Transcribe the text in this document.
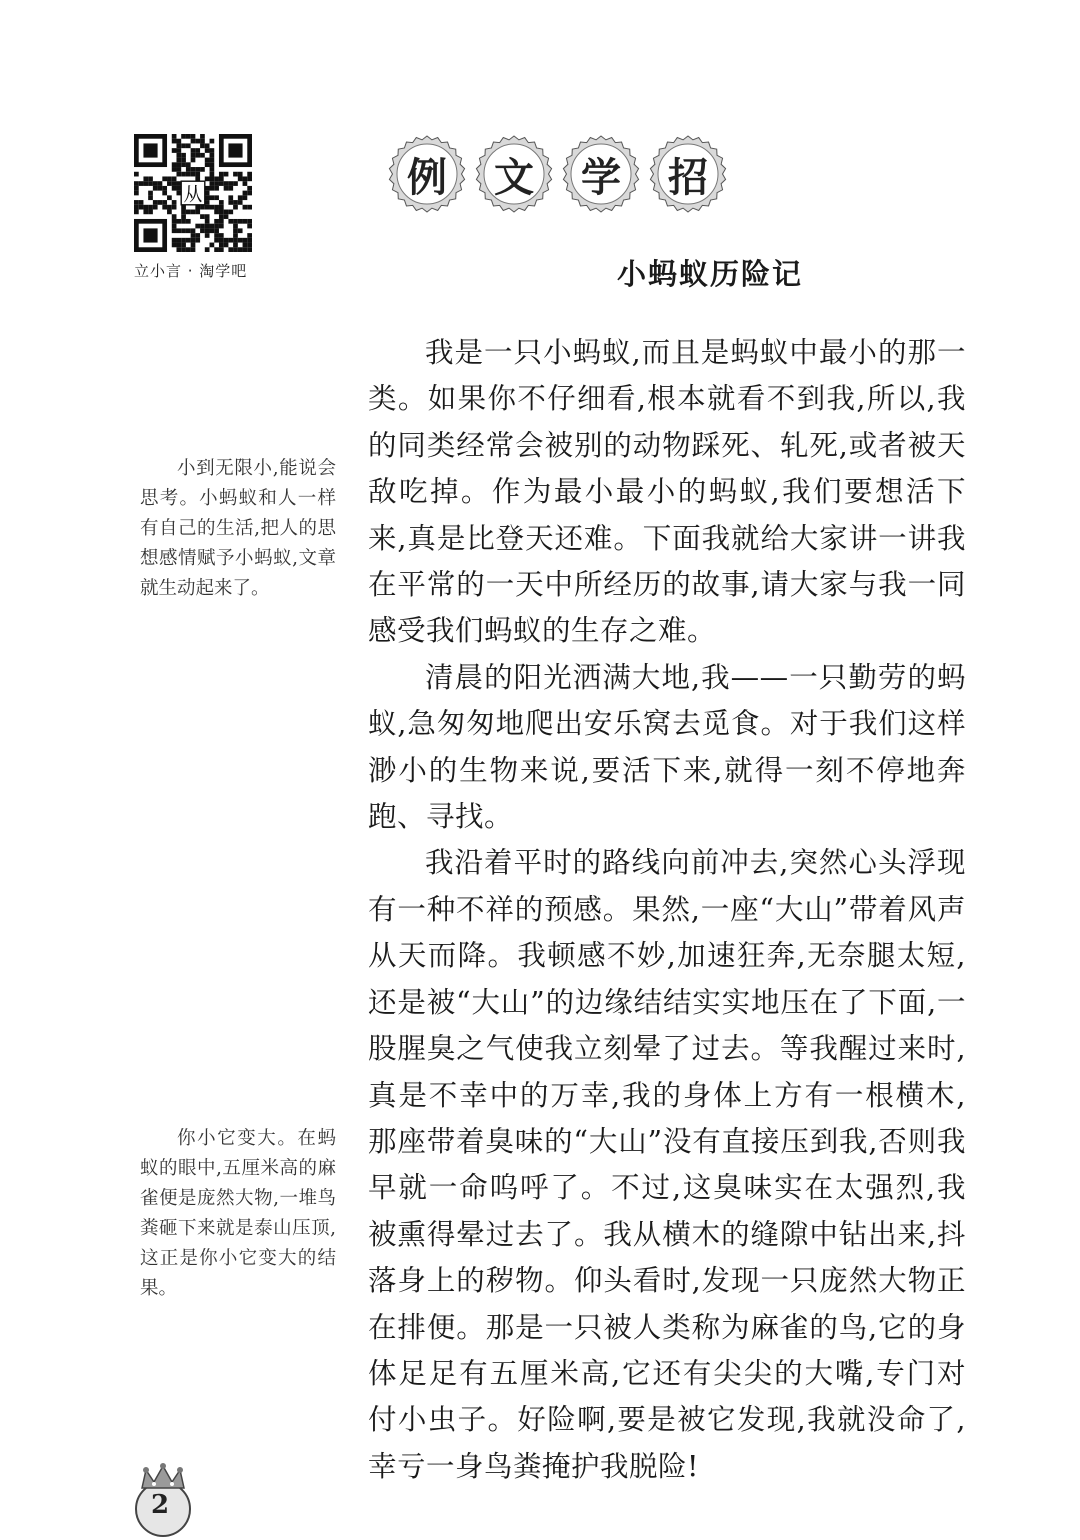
从
立小言 · 淘学吧
例	文	学	招
小蚂蚁历险记

我是一只小蚂蚁,而且是蚂蚁中最小的那一类。如果你不仔细看,根本就看不到我,所以,我的同类经常会被别的动物踩死、轧死,或者被天敌吃掉。作为最小最小的蚂蚁,我们要想活下来,真是比登天还难。下面我就给大家讲一讲我在平常的一天中所经历的故事,请大家与我一同感受我们蚂蚁的生存之难。

清晨的阳光洒满大地,我——一只勤劳的蚂蚁,急匆匆地爬出安乐窝去觅食。对于我们这样渺小的生物来说,要活下来,就得一刻不停地奔跑、寻找。

我沿着平时的路线向前冲去,突然心头浮现有一种不祥的预感。果然,一座“大山”带着风声从天而降。我顿感不妙,加速狂奔,无奈腿太短,还是被“大山”的边缘结结实实地压在了下面,一股腥臭之气使我立刻晕了过去。等我醒过来时,真是不幸中的万幸,我的身体上方有一根横木,那座带着臭味的“大山”没有直接压到我,否则我早就一命呜呼了。不过,这臭味实在太强烈,我被熏得晕过去了。我从横木的缝隙中钻出来,抖落身上的秽物。仰头看时,发现一只庞然大物正在排便。那是一只被人类称为麻雀的鸟,它的身体足足有五厘米高,它还有尖尖的大嘴,专门对付小虫子。好险啊,要是被它发现,我就没命了,幸亏一身鸟粪掩护我脱险!

小到无限小,能说会思考。小蚂蚁和人一样有自己的生活,把人的思想感情赋予小蚂蚁,文章就生动起来了。

你小它变大。在蚂蚁的眼中,五厘米高的麻雀便是庞然大物,一堆鸟粪砸下来就是泰山压顶,这正是你小它变大的结果。

2
